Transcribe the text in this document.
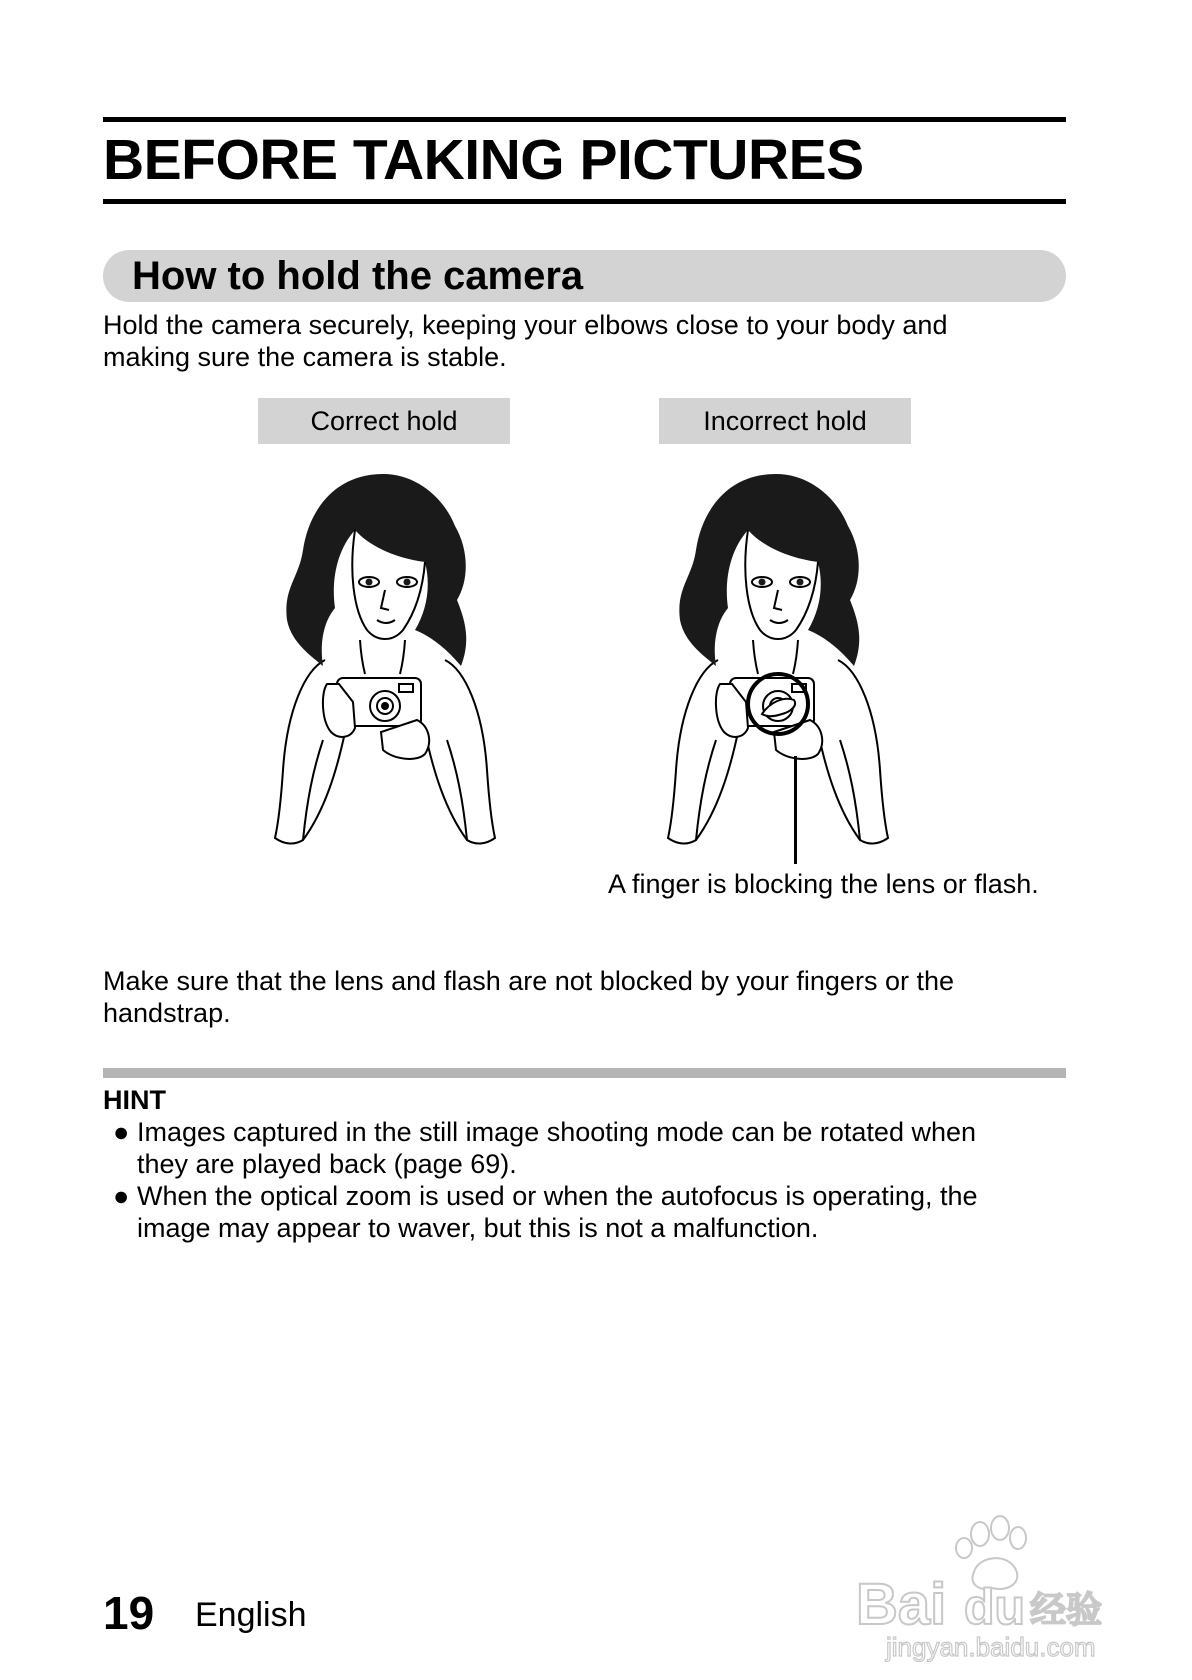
BEFORE TAKING PICTURES
How to hold the camera
Hold the camera securely, keeping your elbows close to your body and
making sure the camera is stable.
Correct hold	Incorrect hold
A finger is blocking the lens or flash.
Make sure that the lens and flash are not blocked by your fingers or the
handstrap.
HINT
● Images captured in the still image shooting mode can be rotated when
they are played back (page 69).
● When the optical zoom is used or when the autofocus is operating, the
image may appear to waver, but this is not a malfunction.
19 English	Bai du 经验
jingyan.baidu.com
